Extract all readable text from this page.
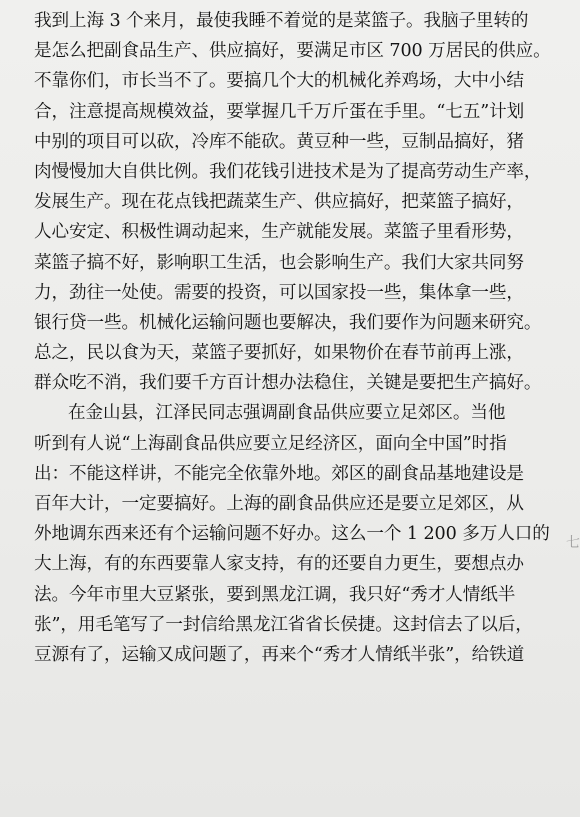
我到上海 3 个来月，最使我睡不着觉的是菜篮子。我脑子里转的
是怎么把副食品生产、供应搞好，要满足市区 700 万居民的供应。
不靠你们，市长当不了。要搞几个大的机械化养鸡场，大中小结
合，注意提高规模效益，要掌握几千万斤蛋在手里。“七五”计划
中别的项目可以砍，冷库不能砍。黄豆种一些，豆制品搞好，猪
肉慢慢加大自供比例。我们花钱引进技术是为了提高劳动生产率，
发展生产。现在花点钱把蔬菜生产、供应搞好，把菜篮子搞好，
人心安定、积极性调动起来，生产就能发展。菜篮子里看形势，
菜篮子搞不好，影响职工生活，也会影响生产。我们大家共同努
力，劲往一处使。需要的投资，可以国家投一些，集体拿一些，
银行贷一些。机械化运输问题也要解决，我们要作为问题来研究。
总之，民以食为天，菜篮子要抓好，如果物价在春节前再上涨，
群众吃不消，我们要千方百计想办法稳住，关键是要把生产搞好。
在金山县，江泽民同志强调副食品供应要立足郊区。当他
听到有人说“上海副食品供应要立足经济区，面向全中国”时指
出：不能这样讲，不能完全依靠外地。郊区的副食品基地建设是
百年大计，一定要搞好。上海的副食品供应还是要立足郊区，从
外地调东西来还有个运输问题不好办。这么一个 1 200 多万人口的
大上海，有的东西要靠人家支持，有的还要自力更生，要想点办
法。今年市里大豆紧张，要到黑龙江调，我只好“秀才人情纸半
张”，用毛笔写了一封信给黑龙江省省长侯捷。这封信去了以后，
豆源有了，运输又成问题了，再来个“秀才人情纸半张”，给铁道
七
